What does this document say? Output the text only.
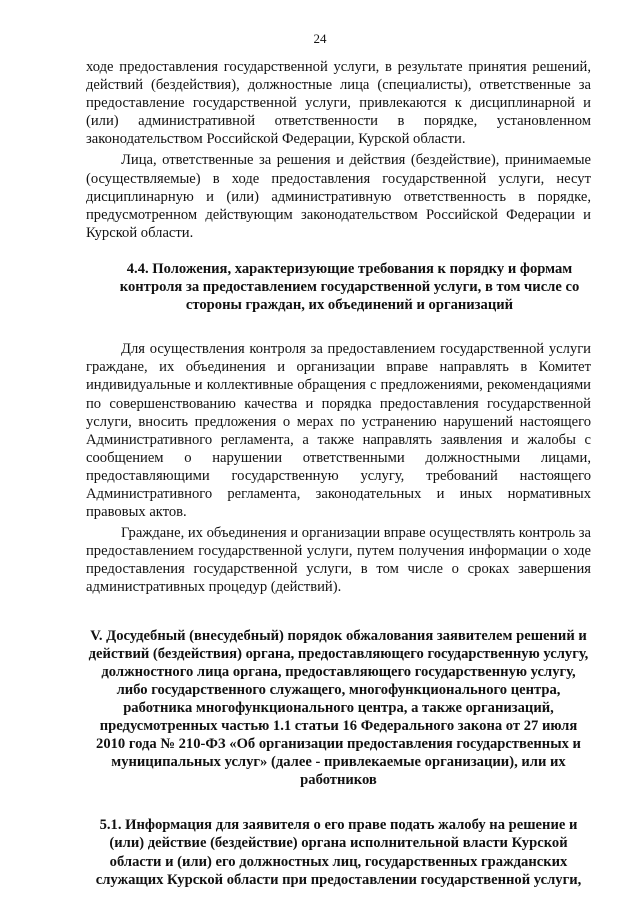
24

ходе предоставления государственной услуги, в результате принятия решений, действий (бездействия), должностные лица (специалисты), ответственные за предоставление государственной услуги, привлекаются к дисциплинарной и (или) административной ответственности в порядке, установленном законодательством Российской Федерации, Курской области.

Лица, ответственные за решения и действия (бездействие), принимаемые (осуществляемые) в ходе предоставления государственной услуги, несут дисциплинарную и (или) административную ответственность в порядке, предусмотренном действующим законодательством Российской Федерации и Курской области.

4.4. Положения, характеризующие требования к порядку и формам контроля за предоставлением государственной услуги, в том числе со стороны граждан, их объединений и организаций

Для осуществления контроля за предоставлением государственной услуги граждане, их объединения и организации вправе направлять в Комитет индивидуальные и коллективные обращения с предложениями, рекомендациями по совершенствованию качества и порядка предоставления государственной услуги, вносить предложения о мерах по устранению нарушений настоящего Административного регламента, а также направлять заявления и жалобы с сообщением о нарушении ответственными должностными лицами, предоставляющими государственную услугу, требований настоящего Административного регламента, законодательных и иных нормативных правовых актов.

Граждане, их объединения и организации вправе осуществлять контроль за предоставлением государственной услуги, путем получения информации о ходе предоставления государственной услуги, в том числе о сроках завершения административных процедур (действий).

V. Досудебный (внесудебный) порядок обжалования заявителем решений и действий (бездействия) органа, предоставляющего государственную услугу, должностного лица органа, предоставляющего государственную услугу, либо государственного служащего, многофункционального центра, работника многофункционального центра, а также организаций, предусмотренных частью 1.1 статьи 16 Федерального закона от 27 июля 2010 года № 210-ФЗ «Об организации предоставления государственных и муниципальных услуг» (далее - привлекаемые организации), или их работников

5.1. Информация для заявителя о его праве подать жалобу на решение и (или) действие (бездействие) органа исполнительной власти Курской области и (или) его должностных лиц, государственных гражданских служащих Курской области при предоставлении государственной услуги,
